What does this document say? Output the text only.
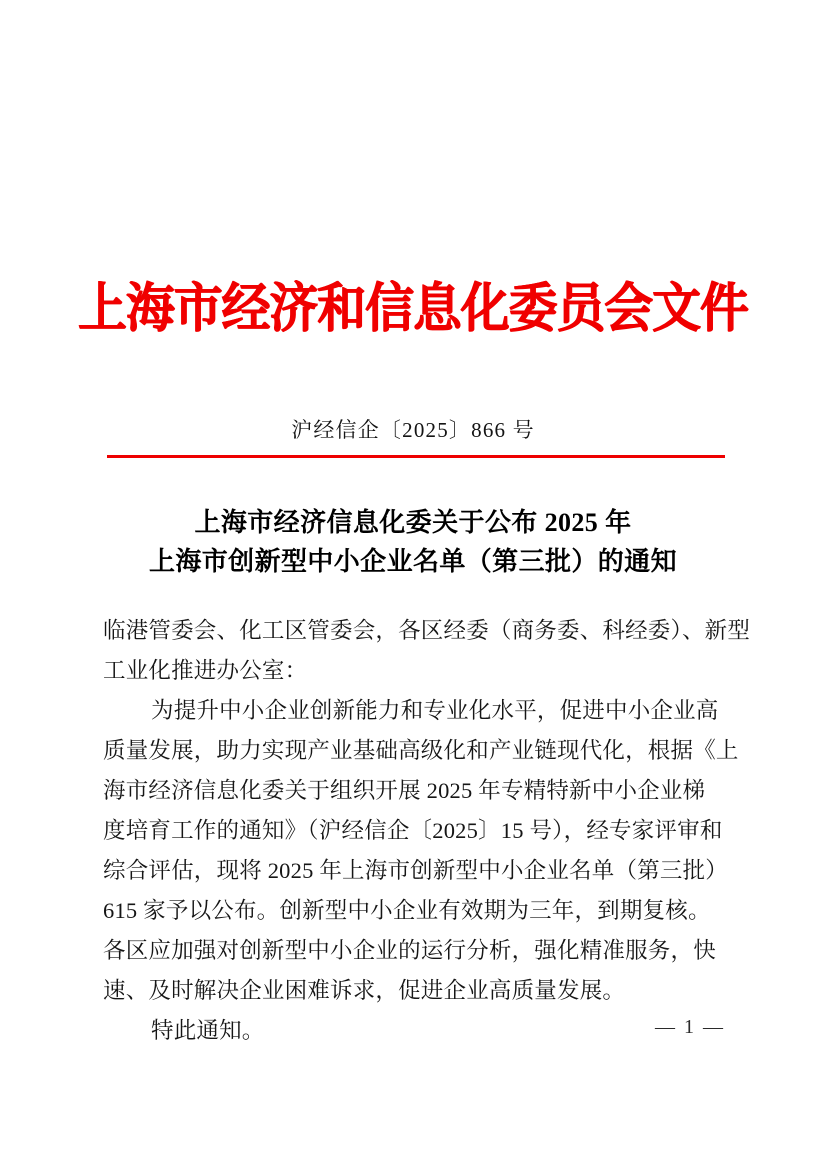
上海市经济和信息化委员会文件
沪经信企〔2025〕866 号
上海市经济信息化委关于公布 2025 年
上海市创新型中小企业名单（第三批）的通知
临港管委会、化工区管委会，各区经委（商务委、科经委）、新型
工业化推进办公室：
为提升中小企业创新能力和专业化水平，促进中小企业高
质量发展，助力实现产业基础高级化和产业链现代化，根据《上
海市经济信息化委关于组织开展 2025 年专精特新中小企业梯
度培育工作的通知》（沪经信企〔2025〕15 号），经专家评审和
综合评估，现将 2025 年上海市创新型中小企业名单（第三批）
615 家予以公布。创新型中小企业有效期为三年，到期复核。
各区应加强对创新型中小企业的运行分析，强化精准服务，快
速、及时解决企业困难诉求，促进企业高质量发展。
特此通知。	— 1 —
